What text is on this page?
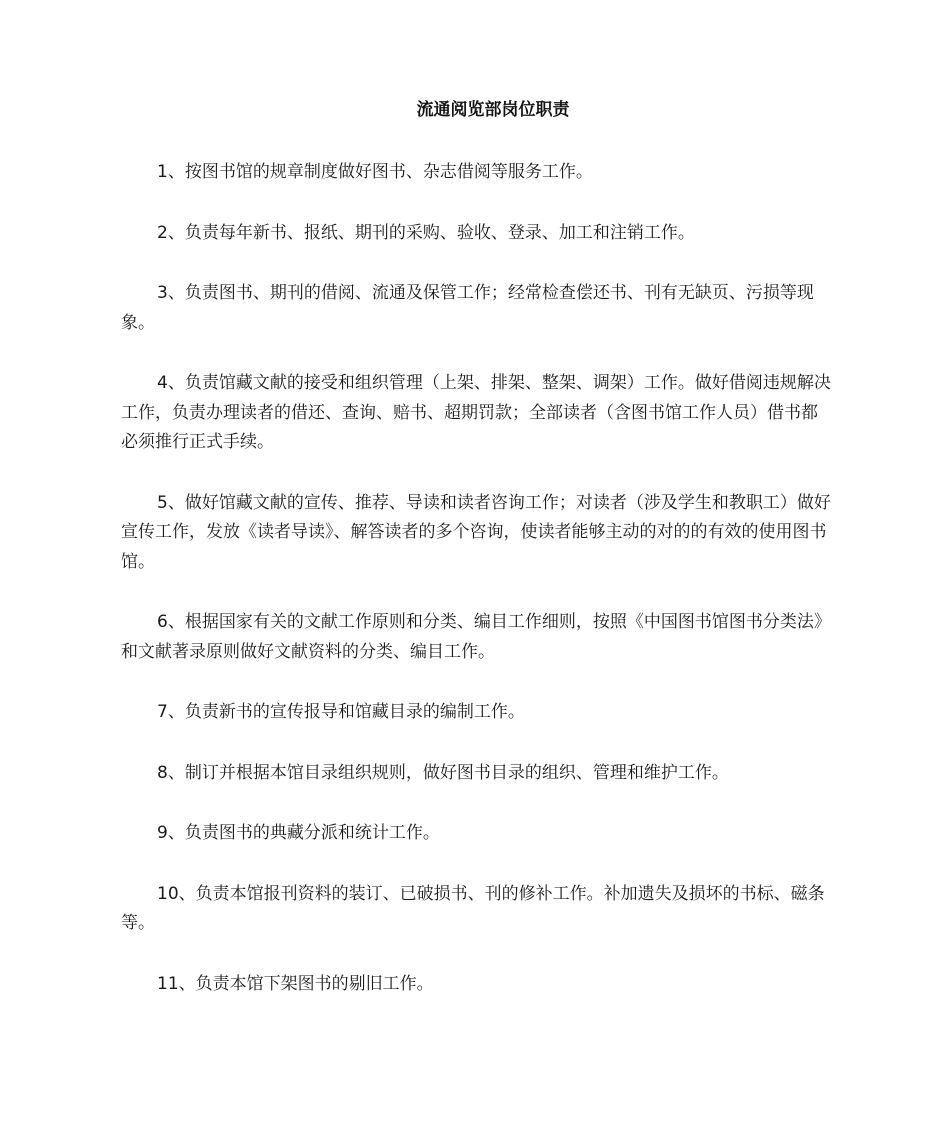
流通阅览部岗位职责

1、按图书馆的规章制度做好图书、杂志借阅等服务工作。

2、负责每年新书、报纸、期刊的采购、验收、登录、加工和注销工作。

3、负责图书、期刊的借阅、流通及保管工作；经常检查偿还书、刊有无缺页、污损等现象。

4、负责馆藏文献的接受和组织管理（上架、排架、整架、调架）工作。做好借阅违规解决工作，负责办理读者的借还、查询、赔书、超期罚款；全部读者（含图书馆工作人员）借书都必须推行正式手续。

5、做好馆藏文献的宣传、推荐、导读和读者咨询工作；对读者（涉及学生和教职工）做好宣传工作，发放《读者导读》、解答读者的多个咨询，使读者能够主动的对的的有效的使用图书馆。

6、根据国家有关的文献工作原则和分类、编目工作细则，按照《中国图书馆图书分类法》和文献著录原则做好文献资料的分类、编目工作。

7、负责新书的宣传报导和馆藏目录的编制工作。

8、制订并根据本馆目录组织规则，做好图书目录的组织、管理和维护工作。

9、负责图书的典藏分派和统计工作。

10、负责本馆报刊资料的装订、已破损书、刊的修补工作。补加遗失及损坏的书标、磁条等。

11、负责本馆下架图书的剔旧工作。
